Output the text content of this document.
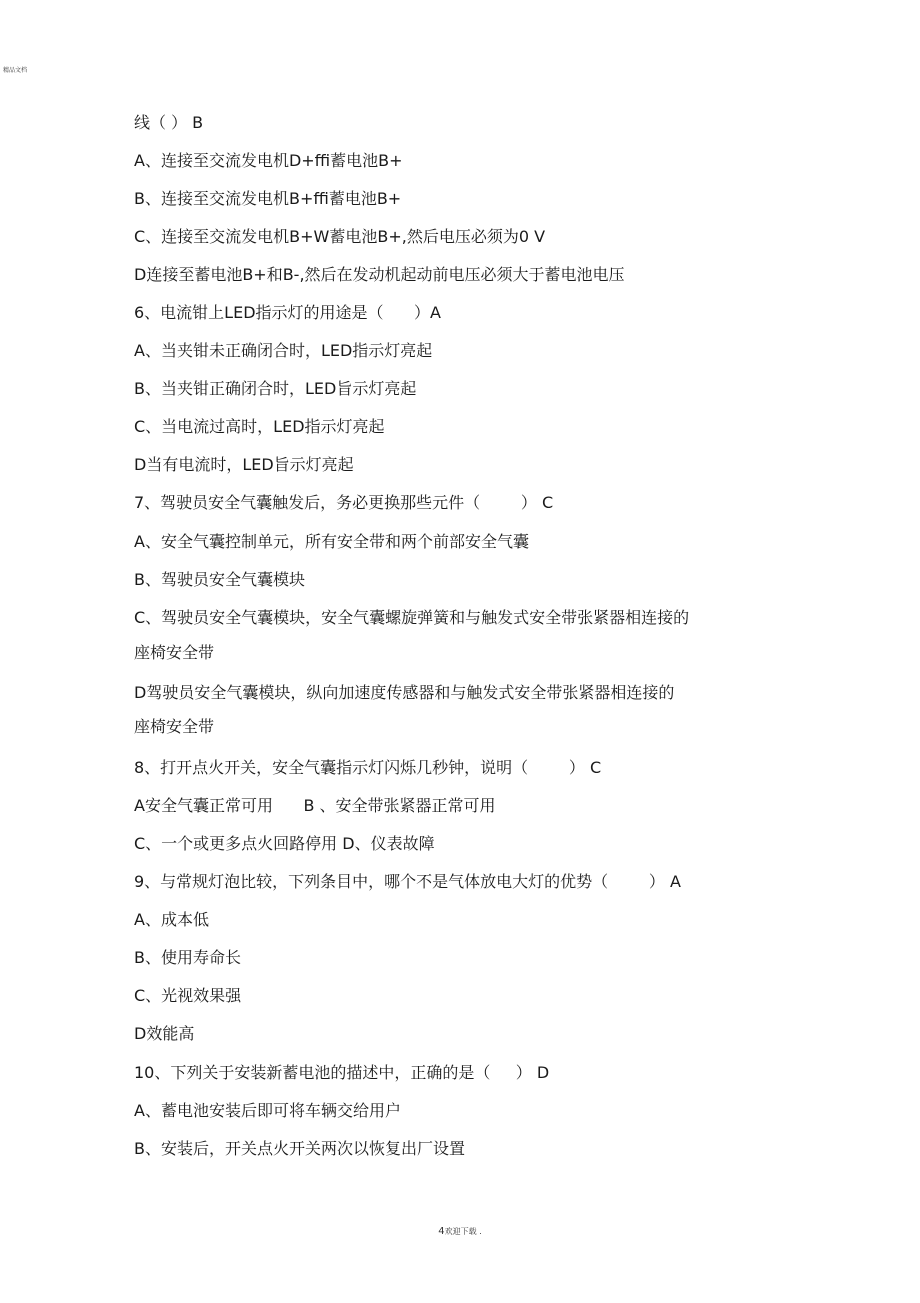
精品文档
线（ ） B
A、连接至交流发电机D+ffi蓄电池B+
B、连接至交流发电机B+ffi蓄电池B+
C、连接至交流发电机B+W蓄电池B+,然后电压必须为0 V
D连接至蓄电池B+和B-,然后在发动机起动前电压必须大于蓄电池电压
6、电流钳上LED指示灯的用途是（      ）A
A、当夹钳未正确闭合时，LED指示灯亮起
B、当夹钳正确闭合时，LED旨示灯亮起
C、当电流过高时，LED指示灯亮起
D当有电流时，LED旨示灯亮起
7、驾驶员安全气囊触发后，务必更换那些元件（        ） C
A、安全气囊控制单元，所有安全带和两个前部安全气囊
B、驾驶员安全气囊模块
C、驾驶员安全气囊模块，安全气囊螺旋弹簧和与触发式安全带张紧器相连接的
座椅安全带
D驾驶员安全气囊模块，纵向加速度传感器和与触发式安全带张紧器相连接的
座椅安全带
8、打开点火开关，安全气囊指示灯闪烁几秒钟，说明（        ） C
A安全气囊正常可用      B 、安全带张紧器正常可用
C、一个或更多点火回路停用 D、仪表故障
9、与常规灯泡比较，下列条目中，哪个不是气体放电大灯的优势（        ） A
A、成本低
B、使用寿命长
C、光视效果强
D效能高
10、下列关于安装新蓄电池的描述中，正确的是（     ） D
A、蓄电池安装后即可将车辆交给用户
B、安装后，开关点火开关两次以恢复出厂设置
4欢迎下载 .
